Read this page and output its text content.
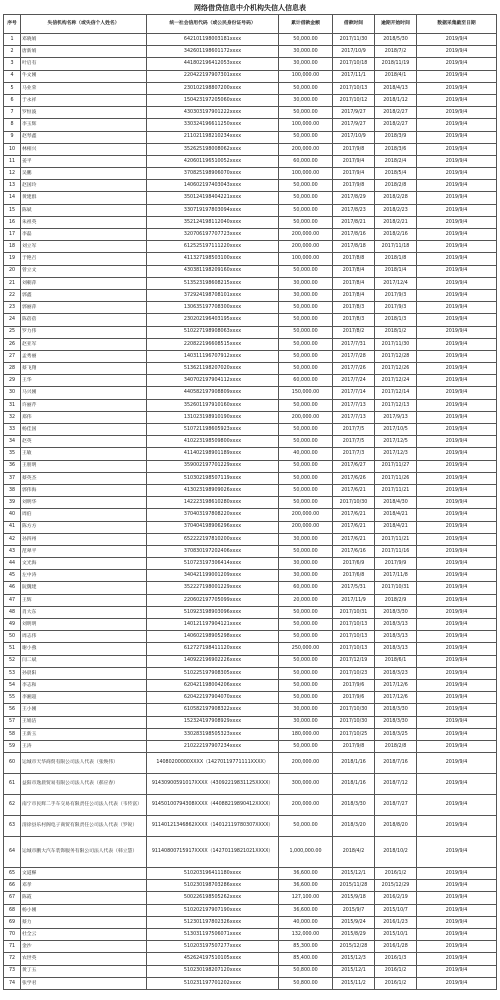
网络借贷信息中介机构失信人信息表
序号	失信机构名称（或失信个人姓名）	统一社会信用代码（或公民身份证号码）	累计借款金额	借款时间	逾期开始时间	数据采集截至日期
1	邓晓娟	642101198003181xxxx	50,000.00	2017/11/30	2018/5/30	2019/9/4
2	唐新娟	342601198601172xxxx	30,000.00	2017/10/9	2018/7/2	2019/9/4
3	叶启有	441802196412053xxxx	30,000.00	2017/10/18	2018/11/19	2019/9/4
4	牛文刚	220422197907301xxxx	100,000.00	2017/11/1	2018/4/1	2019/9/4
5	马业荣	230102198807200xxxx	50,000.00	2017/10/13	2018/4/13	2019/9/4
6	于永祥	150423197205060xxxx	30,000.00	2017/10/12	2018/1/12	2019/9/4
7	罗恒波	430303197901222xxxx	50,000.00	2017/9/27	2018/2/27	2019/9/4
8	李玉辉	330324196611250xxxx	100,000.00	2017/9/27	2018/2/27	2019/9/4
9	赵琴鑫	211021198210234xxxx	50,000.00	2017/10/9	2018/3/9	2019/9/4
10	林相兴	352625198008062xxxx	200,000.00	2017/9/8	2018/3/6	2019/9/4
11	姜平	420601196510052xxxx	60,000.00	2017/9/4	2018/2/4	2019/9/4
12	吴鹏	370825198906070xxxx	100,000.00	2017/9/4	2018/5/4	2019/9/4
13	赵国玲	140602197403043xxxx	50,000.00	2017/9/8	2018/2/8	2019/9/4
14	黄建群	350124198404221xxxx	50,000.00	2017/8/29	2018/2/28	2019/9/4
15	陈斌	330719197803094xxxx	50,000.00	2017/8/23	2018/2/23	2019/9/4
16	朱祖英	352124198112040xxxx	50,000.00	2017/8/21	2018/2/21	2019/9/4
17	李磊	320706197707723xxxx	200,000.00	2017/8/16	2018/2/16	2019/9/4
18	刘立军	612525197111220xxxx	200,000.00	2017/8/18	2017/11/18	2019/9/4
19	于艳召	411327198503100xxxx	100,000.00	2017/8/8	2018/1/8	2019/9/4
20	曾立文	430381198209160xxxx	50,000.00	2017/8/4	2018/1/4	2019/9/4
21	刘朝萍	513523198608215xxxx	30,000.00	2017/8/4	2017/12/4	2019/9/4
22	郭鑫	372924198708101xxxx	30,000.00	2017/8/4	2017/9/3	2019/9/4
23	郭丽萍	130635197708300xxxx	50,000.00	2017/8/3	2017/9/3	2019/9/4
24	陈蓓蓓	230202196403195xxxx	50,000.00	2017/8/3	2018/1/3	2019/9/4
25	罗力伟	510227198908063xxxx	50,000.00	2017/8/2	2018/1/2	2019/9/4
26	赵亚军	220822196608515xxxx	50,000.00	2017/7/31	2017/11/30	2019/9/4
27	孟秀丽	140311196707912xxxx	50,000.00	2017/7/28	2017/12/28	2019/9/4
28	蔡飞翔	513621198207020xxxx	50,000.00	2017/7/26	2017/12/26	2019/9/4
29	王华	340702197904112xxxx	60,000.00	2017/7/24	2017/12/24	2019/9/4
30	马兴刚	440582197908809xxxx	150,000.00	2017/7/14	2017/12/14	2019/9/4
31	许丽芹	352601197910160xxxx	50,000.00	2017/7/13	2017/12/13	2019/9/4
32	郑伟	131023198910190xxxx	200,000.00	2017/7/13	2017/9/13	2019/9/4
33	杨佳国	510721198605923xxxx	50,000.00	2017/7/5	2017/10/5	2019/9/4
34	赵英	410223198509800xxxx	50,000.00	2017/7/5	2017/12/5	2019/9/4
35	王敏	411402198901189xxxx	40,000.00	2017/7/3	2017/12/3	2019/9/4
36	王朋明	359002197701229xxxx	50,000.00	2017/6/27	2017/11/27	2019/9/4
37	蔡英杰	510302198507119xxxx	50,000.00	2017/6/26	2017/11/26	2019/9/4
38	郭伟海	413023198909026xxxx	50,000.00	2017/6/21	2017/11/21	2019/9/4
39	刘明华	142223198610280xxxx	50,000.00	2017/10/30	2018/4/30	2019/9/4
40	周伯	370403197808220xxxx	200,000.00	2017/6/21	2018/4/21	2019/9/4
41	陈方方	370404198906296xxxx	200,000.00	2017/6/21	2018/4/21	2019/9/4
42	孙四州	652222197810200xxxx	30,000.00	2017/6/21	2017/11/21	2019/9/4
43	范翠平	370830197202406xxxx	50,000.00	2017/6/16	2017/11/16	2019/9/4
44	文光海	510723197306414xxxx	30,000.00	2017/6/9	2017/9/9	2019/9/4
45	左中涛	340421199001209xxxx	30,000.00	2017/6/8	2017/11/8	2019/9/4
46	阮魏建	352227198001229xxxx	60,000.00	2017/5/31	2017/10/31	2019/9/4
47	王辉	220602197705099xxxx	20,000.00	2017/11/9	2018/2/9	2019/9/4
48	肖大东	510923198903096xxxx	50,000.00	2017/10/31	2018/3/30	2019/9/4
49	刘明明	140121197904121xxxx	50,000.00	2017/10/13	2018/3/13	2019/9/4
50	周志伟	140602198905298xxxx	50,000.00	2017/10/13	2018/3/13	2019/9/4
51	谢小燕	612727198411120xxxx	250,000.00	2017/10/13	2018/3/13	2019/9/4
52	闫二斌	140922196902226xxxx	50,000.00	2017/12/19	2018/6/1	2019/9/4
53	孙晨阳	510225197908305xxxx	50,000.00	2017/10/23	2018/3/23	2019/9/4
54	李志和	620421198004206xxxx	50,000.00	2017/9/6	2017/12/6	2019/9/4
55	李湘超	620422197904070xxxx	50,000.00	2017/9/6	2017/12/6	2019/9/4
56	王小刚	610582197908322xxxx	30,000.00	2017/10/30	2018/3/30	2019/9/4
57	王娟洁	152324197908929xxxx	30,000.00	2017/10/30	2018/3/30	2019/9/4
58	王新玉	330283198505323xxxx	180,000.00	2017/10/25	2018/3/25	2019/9/4
59	王涛	210222197907234xxxx	50,000.00	2017/9/8	2018/2/8	2019/9/4
60	运城市天华商贸有限公司法人代表（张焕伟）	14080200000XXXX（14270119771111XXXX）	200,000.00	2018/1/16	2018/7/16	2019/9/4
61	益阳市逸晨贸易有限公司法人代表（郝应春）	91430900591017XXXX（43092219831125XXXX）	300,000.00	2018/1/16	2018/7/12	2019/9/4
62	南宁市民辉二手车交易有限责任公司法人代表（韦传富）	91450100794308XXXX（44088219890412XXXX）	200,000.00	2018/3/30	2018/7/27	2019/9/4
63	清徐县乐村阁电子商贸有限责任公司法人代表（罗锐）	91140121346862XXXX（14012119780307XXXX）	50,000.00	2018/3/20	2018/8/20	2019/9/4
64	运城市鹏大汽车装饰服务有限公司法人代表（韩立慧）	91140800715917XXXX（14270119821021XXXX）	1,000,000.00	2018/4/2	2018/10/2	2019/9/4
65	文道樨	510203196411180xxxx	36,600.00	2015/12/1	2016/1/2	2019/9/4
66	邓孝	510230198703286xxxx	36,600.00	2015/11/28	2015/12/29	2019/9/4
67	陈霞	500226198505262xxxx	127,100.00	2015/9/18	2016/2/19	2019/9/4
68	杨小刚	510202197907190xxxx	36,600.00	2015/9/7	2015/10/7	2019/9/4
69	蔡力	512301197802326xxxx	40,000.00	2015/9/24	2016/1/23	2019/9/4
70	杜全云	513031197506071xxxx	132,000.00	2015/8/29	2015/10/1	2019/9/4
71	金沙	510203197507277xxxx	85,300.00	2015/12/28	2016/1/28	2019/9/4
72	农世英	452624197510105xxxx	85,400.00	2015/12/3	2016/1/3	2019/9/4
73	黄丁五	510230198207120xxxx	50,800.00	2015/12/1	2016/1/2	2019/9/4
74	张学君	510231197701202xxxx	50,800.00	2015/11/2	2016/1/2	2019/9/4
